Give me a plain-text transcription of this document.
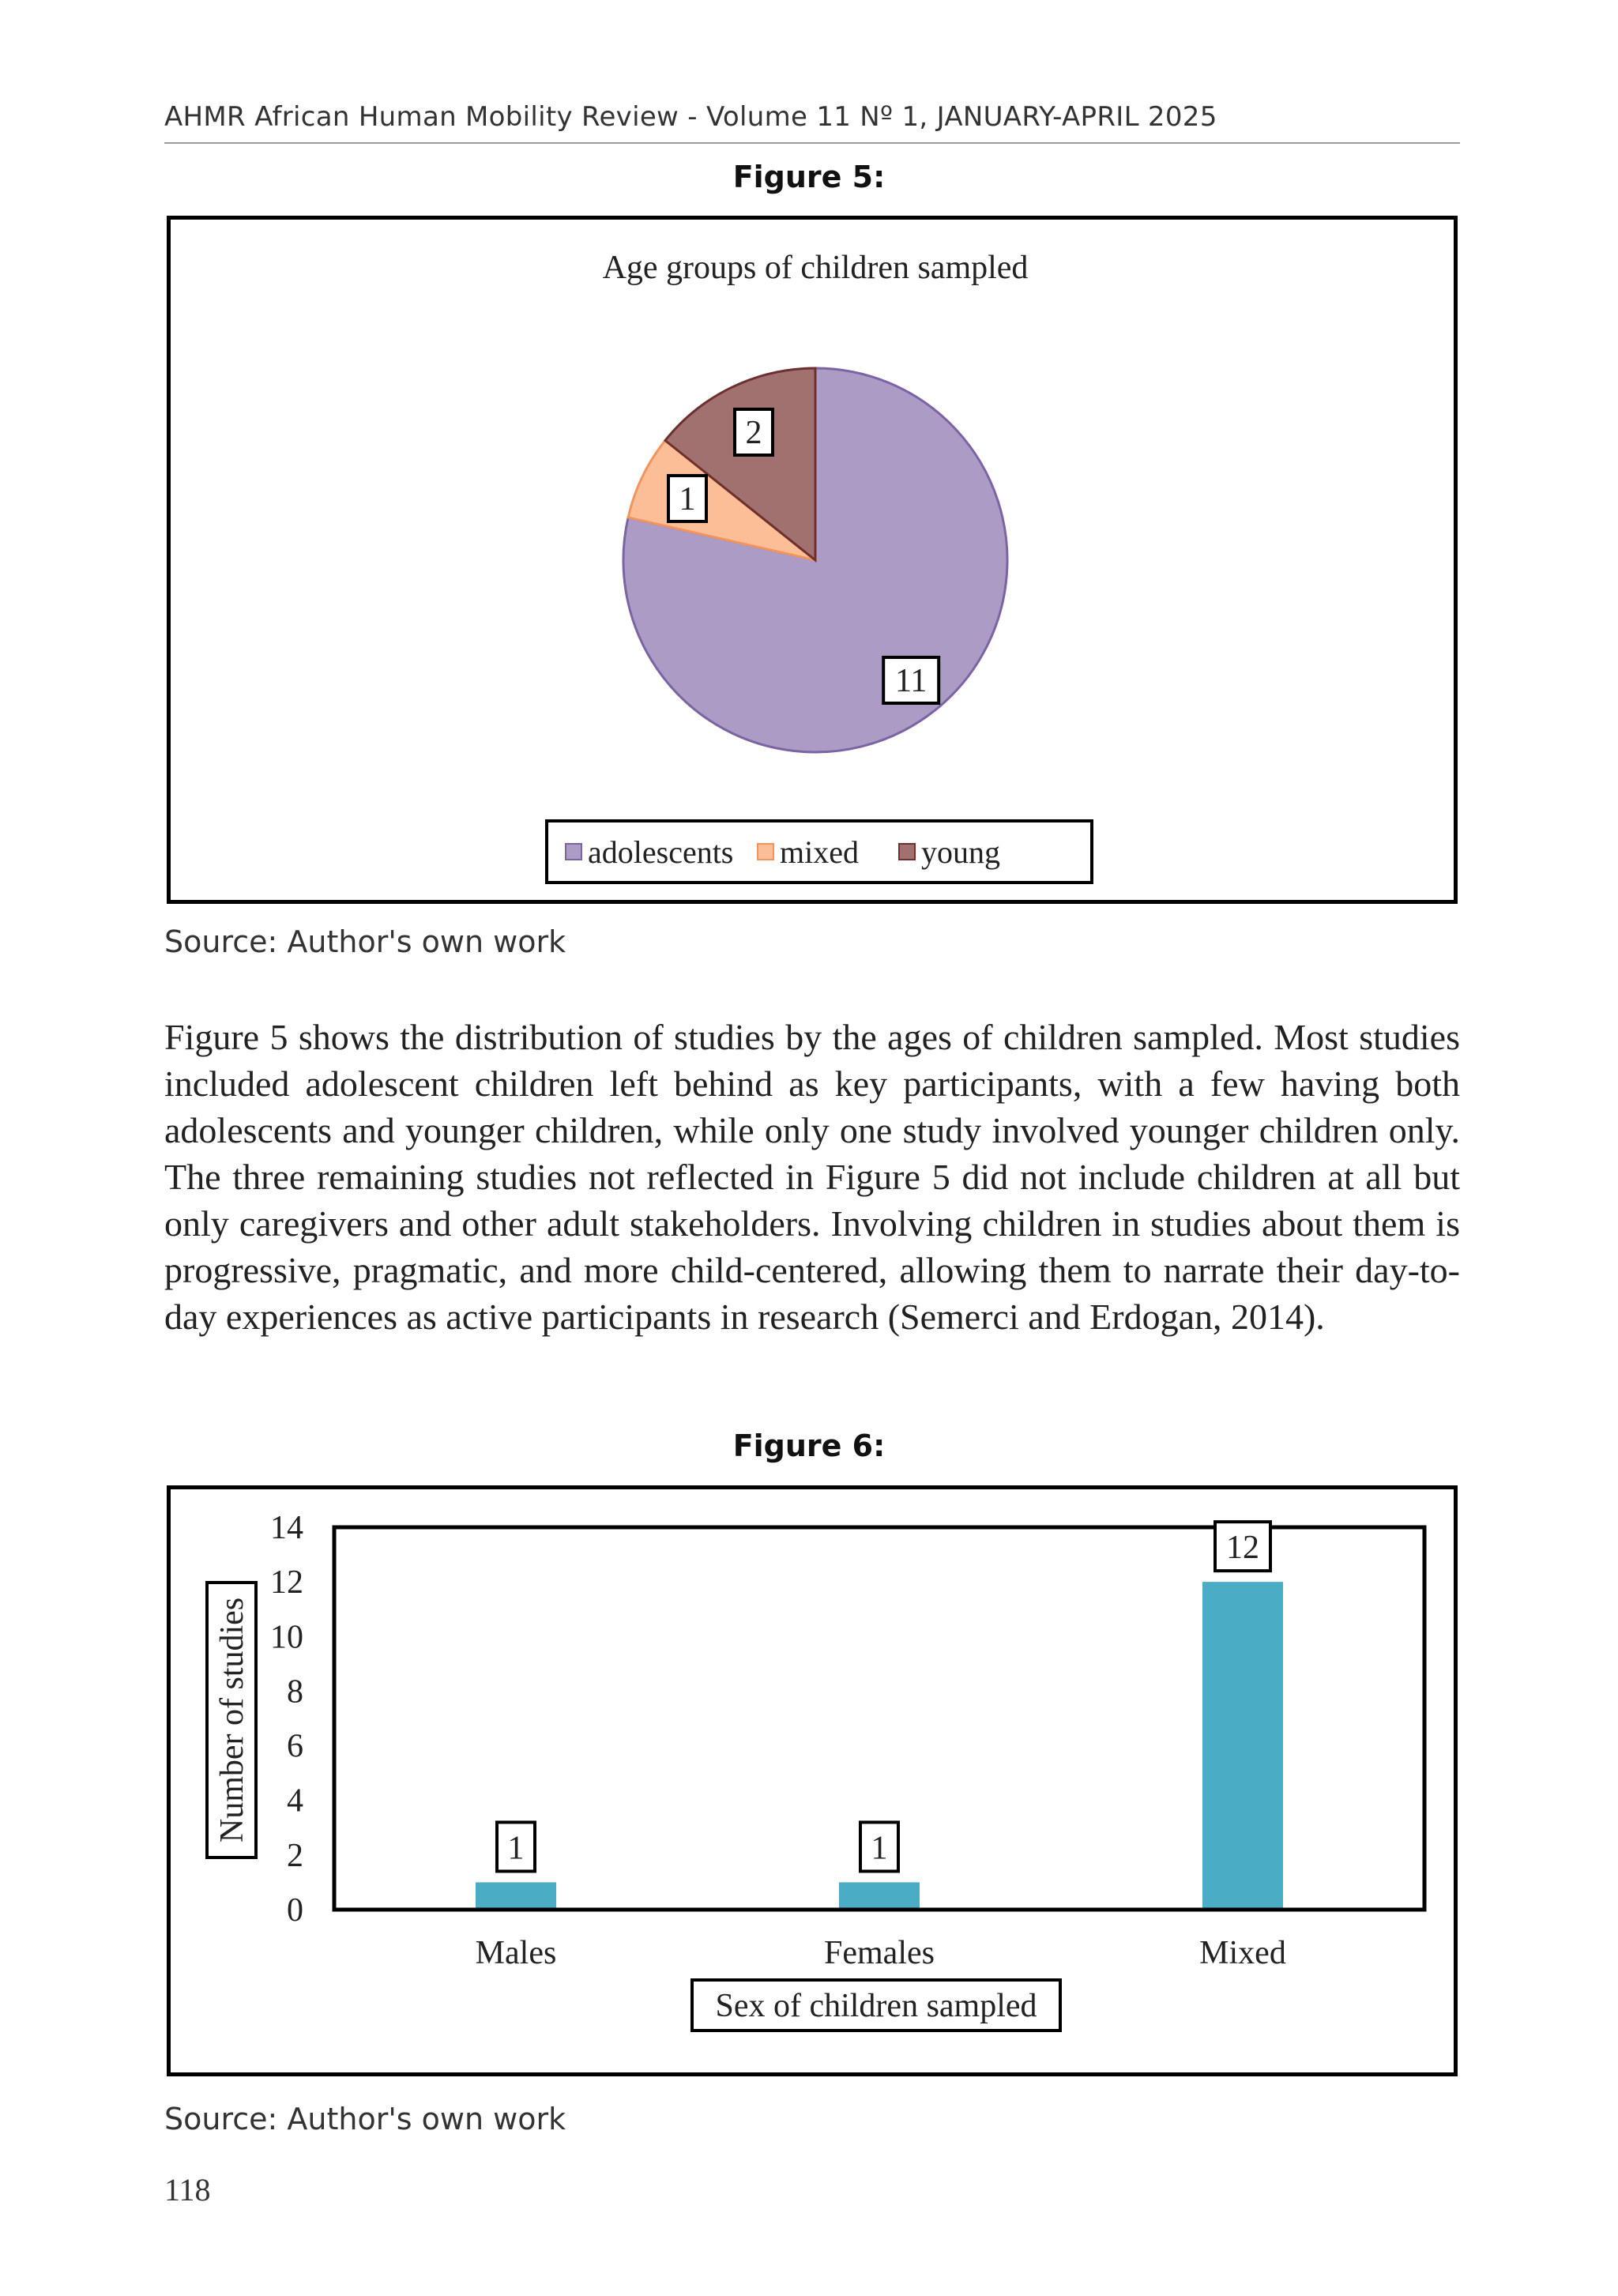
AHMR African Human Mobility Review - Volume 11 Nº 1, JANUARY-APRIL 2025
Figure 5:
Age groups of children sampled
11
1
2
adolescents mixed young
Source: Author's own work

Figure 5 shows the distribution of studies by the ages of children sampled. Most studies included adolescent children left behind as key participants, with a few having both adolescents and younger children, while only one study involved younger children only. The three remaining studies not reflected in Figure 5 did not include children at all but only caregivers and other adult stakeholders. Involving children in studies about them is progressive, pragmatic, and more child-centered, allowing them to narrate their day-to-day experiences as active participants in research (Semerci and Erdogan, 2014).

Figure 6:
0
2
4
6
8
10
12
14
1	1
12
Males	Females	Mixed
Number of studies
Sex of children sampled
Source: Author's own work
118
